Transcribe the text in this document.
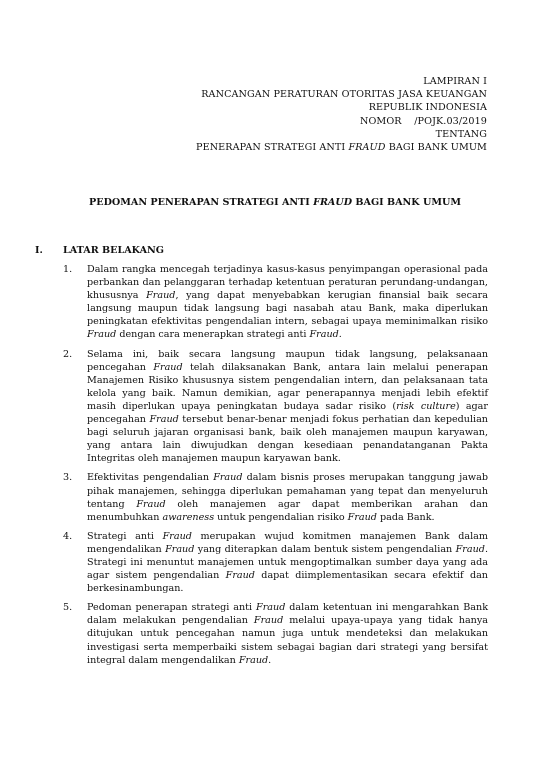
LAMPIRAN I
RANCANGAN PERATURAN OTORITAS JASA KEUANGAN
REPUBLIK INDONESIA
NOMOR    /POJK.03/2019
TENTANG
PENERAPAN STRATEGI ANTI FRAUD BAGI BANK UMUM
PEDOMAN PENERAPAN STRATEGI ANTI FRAUD BAGI BANK UMUM
I. LATAR BELAKANG
1. Dalam rangka mencegah terjadinya kasus-kasus penyimpangan operasional pada perbankan dan pelanggaran terhadap ketentuan peraturan perundang-undangan, khususnya Fraud, yang dapat menyebabkan kerugian finansial baik secara langsung maupun tidak langsung bagi nasabah atau Bank, maka diperlukan peningkatan efektivitas pengendalian intern, sebagai upaya meminimalkan risiko Fraud dengan cara menerapkan strategi anti Fraud.
2. Selama ini, baik secara langsung maupun tidak langsung, pelaksanaan pencegahan Fraud telah dilaksanakan Bank, antara lain melalui penerapan Manajemen Risiko khususnya sistem pengendalian intern, dan pelaksanaan tata kelola yang baik. Namun demikian, agar penerapannya menjadi lebih efektif masih diperlukan upaya peningkatan budaya sadar risiko (risk culture) agar pencegahan Fraud tersebut benar-benar menjadi fokus perhatian dan kepedulian bagi seluruh jajaran organisasi bank, baik oleh manajemen maupun karyawan, yang antara lain diwujudkan dengan kesediaan penandatanganan Pakta Integritas oleh manajemen maupun karyawan bank.
3. Efektivitas pengendalian Fraud dalam bisnis proses merupakan tanggung jawab pihak manajemen, sehingga diperlukan pemahaman yang tepat dan menyeluruh tentang Fraud oleh manajemen agar dapat memberikan arahan dan menumbuhkan awareness untuk pengendalian risiko Fraud pada Bank.
4. Strategi anti Fraud merupakan wujud komitmen manajemen Bank dalam mengendalikan Fraud yang diterapkan dalam bentuk sistem pengendalian Fraud. Strategi ini menuntut manajemen untuk mengoptimalkan sumber daya yang ada agar sistem pengendalian Fraud dapat diimplementasikan secara efektif dan berkesinambungan.
5. Pedoman penerapan strategi anti Fraud dalam ketentuan ini mengarahkan Bank dalam melakukan pengendalian Fraud melalui upaya-upaya yang tidak hanya ditujukan untuk pencegahan namun juga untuk mendeteksi dan melakukan investigasi serta memperbaiki sistem sebagai bagian dari strategi yang bersifat integral dalam mengendalikan Fraud.
